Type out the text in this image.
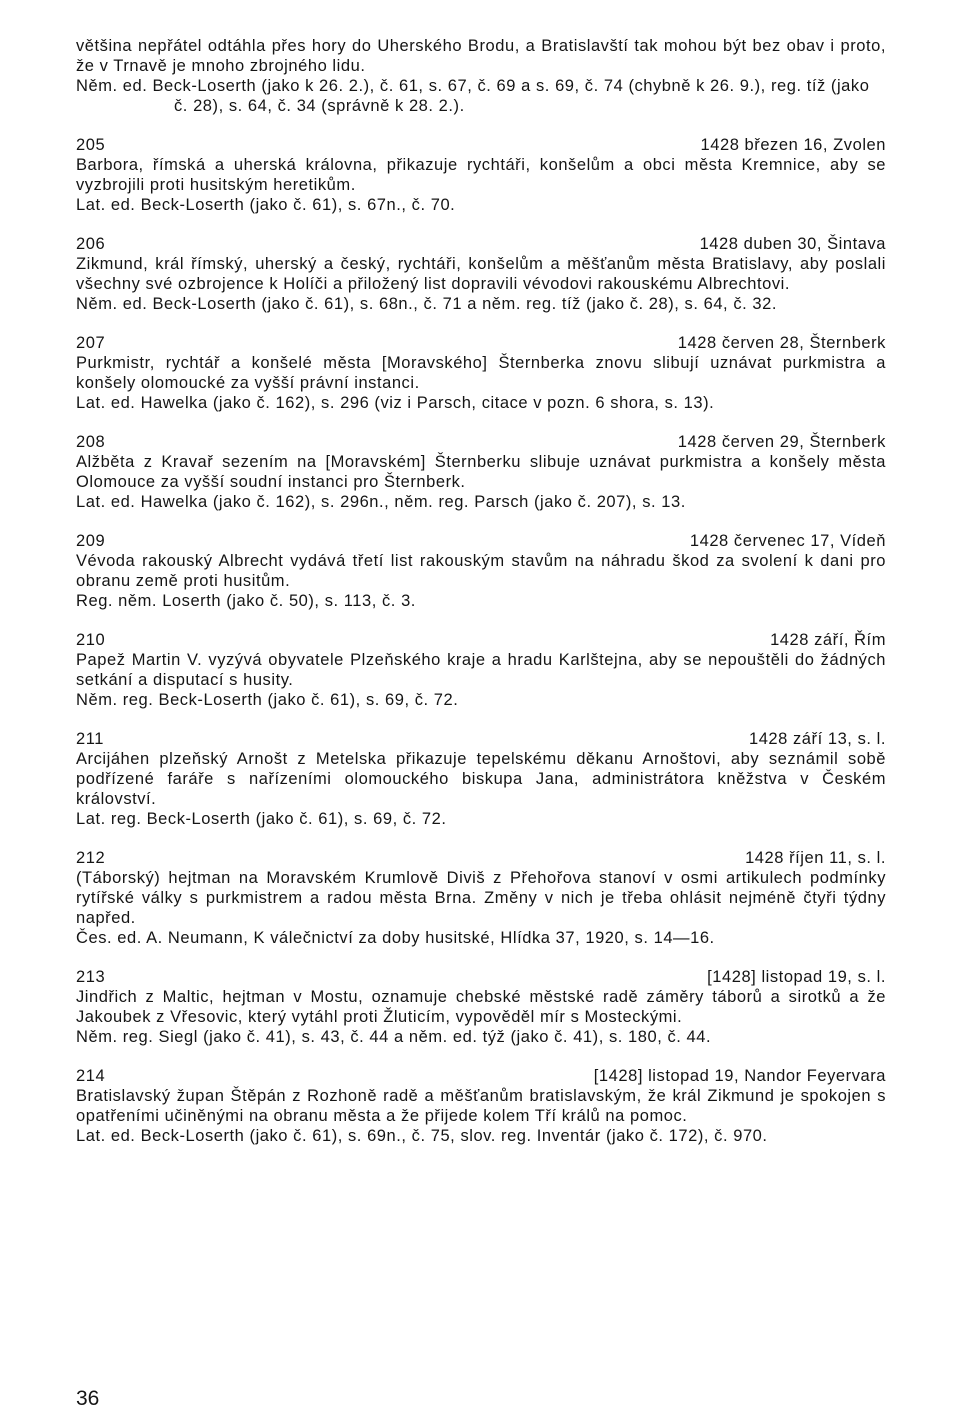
většina nepřátel odtáhla přes hory do Uherského Brodu, a Bratislavští tak mohou být bez obav i proto, že v Trnavě je mnoho zbrojného lidu.

Něm. ed. Beck-Loserth (jako k 26. 2.), č. 61, s. 67, č. 69 a s. 69, č. 74 (chybně k 26. 9.), reg. tíž (jako č. 28), s. 64, č. 34 (správně k 28. 2.).

205	1428 březen 16, Zvolen

Barbora, římská a uherská královna, přikazuje rychtáři, konšelům a obci města Kremnice, aby se vyzbrojili proti husitským heretikům.

Lat. ed. Beck-Loserth (jako č. 61), s. 67n., č. 70.

206	1428 duben 30, Šintava

Zikmund, král římský, uherský a český, rychtáři, konšelům a měšťanům města Bratislavy, aby poslali všechny své ozbrojence k Holíči a přiložený list dopravili vévodovi rakouskému Albrechtovi.

Něm. ed. Beck-Loserth (jako č. 61), s. 68n., č. 71 a něm. reg. tíž (jako č. 28), s. 64, č. 32.

207	1428 červen 28, Šternberk

Purkmistr, rychtář a konšelé města [Moravského] Šternberka znovu slibují uznávat purkmistra a konšely olomoucké za vyšší právní instanci.

Lat. ed. Hawelka (jako č. 162), s. 296 (viz i Parsch, citace v pozn. 6 shora, s. 13).

208	1428 červen 29, Šternberk

Alžběta z Kravař sezením na [Moravském] Šternberku slibuje uznávat purkmistra a konšely města Olomouce za vyšší soudní instanci pro Šternberk.

Lat. ed. Hawelka (jako č. 162), s. 296n., něm. reg. Parsch (jako č. 207), s. 13.

209	1428 červenec 17, Vídeň

Vévoda rakouský Albrecht vydává třetí list rakouským stavům na náhradu škod za svolení k dani pro obranu země proti husitům.

Reg. něm. Loserth (jako č. 50), s. 113, č. 3.

210	1428 září, Řím

Papež Martin V. vyzývá obyvatele Plzeňského kraje a hradu Karlštejna, aby se nepouštěli do žádných setkání a disputací s husity.

Něm. reg. Beck-Loserth (jako č. 61), s. 69, č. 72.

211	1428 září 13, s. l.

Arcijáhen plzeňský Arnošt z Metelska přikazuje tepelskému děkanu Arnoštovi, aby seznámil sobě podřízené faráře s nařízeními olomouckého biskupa Jana, administrátora kněžstva v Českém království.

Lat. reg. Beck-Loserth (jako č. 61), s. 69, č. 72.

212	1428 říjen 11, s. l.

(Táborský) hejtman na Moravském Krumlově Diviš z Přehořova stanoví v osmi artikulech podmínky rytířské války s purkmistrem a radou města Brna. Změny v nich je třeba ohlásit nejméně čtyři týdny napřed.

Čes. ed. A. Neumann, K válečnictví za doby husitské, Hlídka 37, 1920, s. 14—16.

213	[1428] listopad 19, s. l.

Jindřich z Maltic, hejtman v Mostu, oznamuje chebské městské radě záměry táborů a sirotků a že Jakoubek z Vřesovic, který vytáhl proti Žluticím, vypověděl mír s Mosteckými.

Něm. reg. Siegl (jako č. 41), s. 43, č. 44 a něm. ed. týž (jako č. 41), s. 180, č. 44.

214	[1428] listopad 19, Nandor Feyervara

Bratislavský župan Štěpán z Rozhoně radě a měšťanům bratislavským, že král Zikmund je spokojen s opatřeními učiněnými na obranu města a že přijede kolem Tří králů na pomoc.

Lat. ed. Beck-Loserth (jako č. 61), s. 69n., č. 75, slov. reg. Inventár (jako č. 172), č. 970.

36
